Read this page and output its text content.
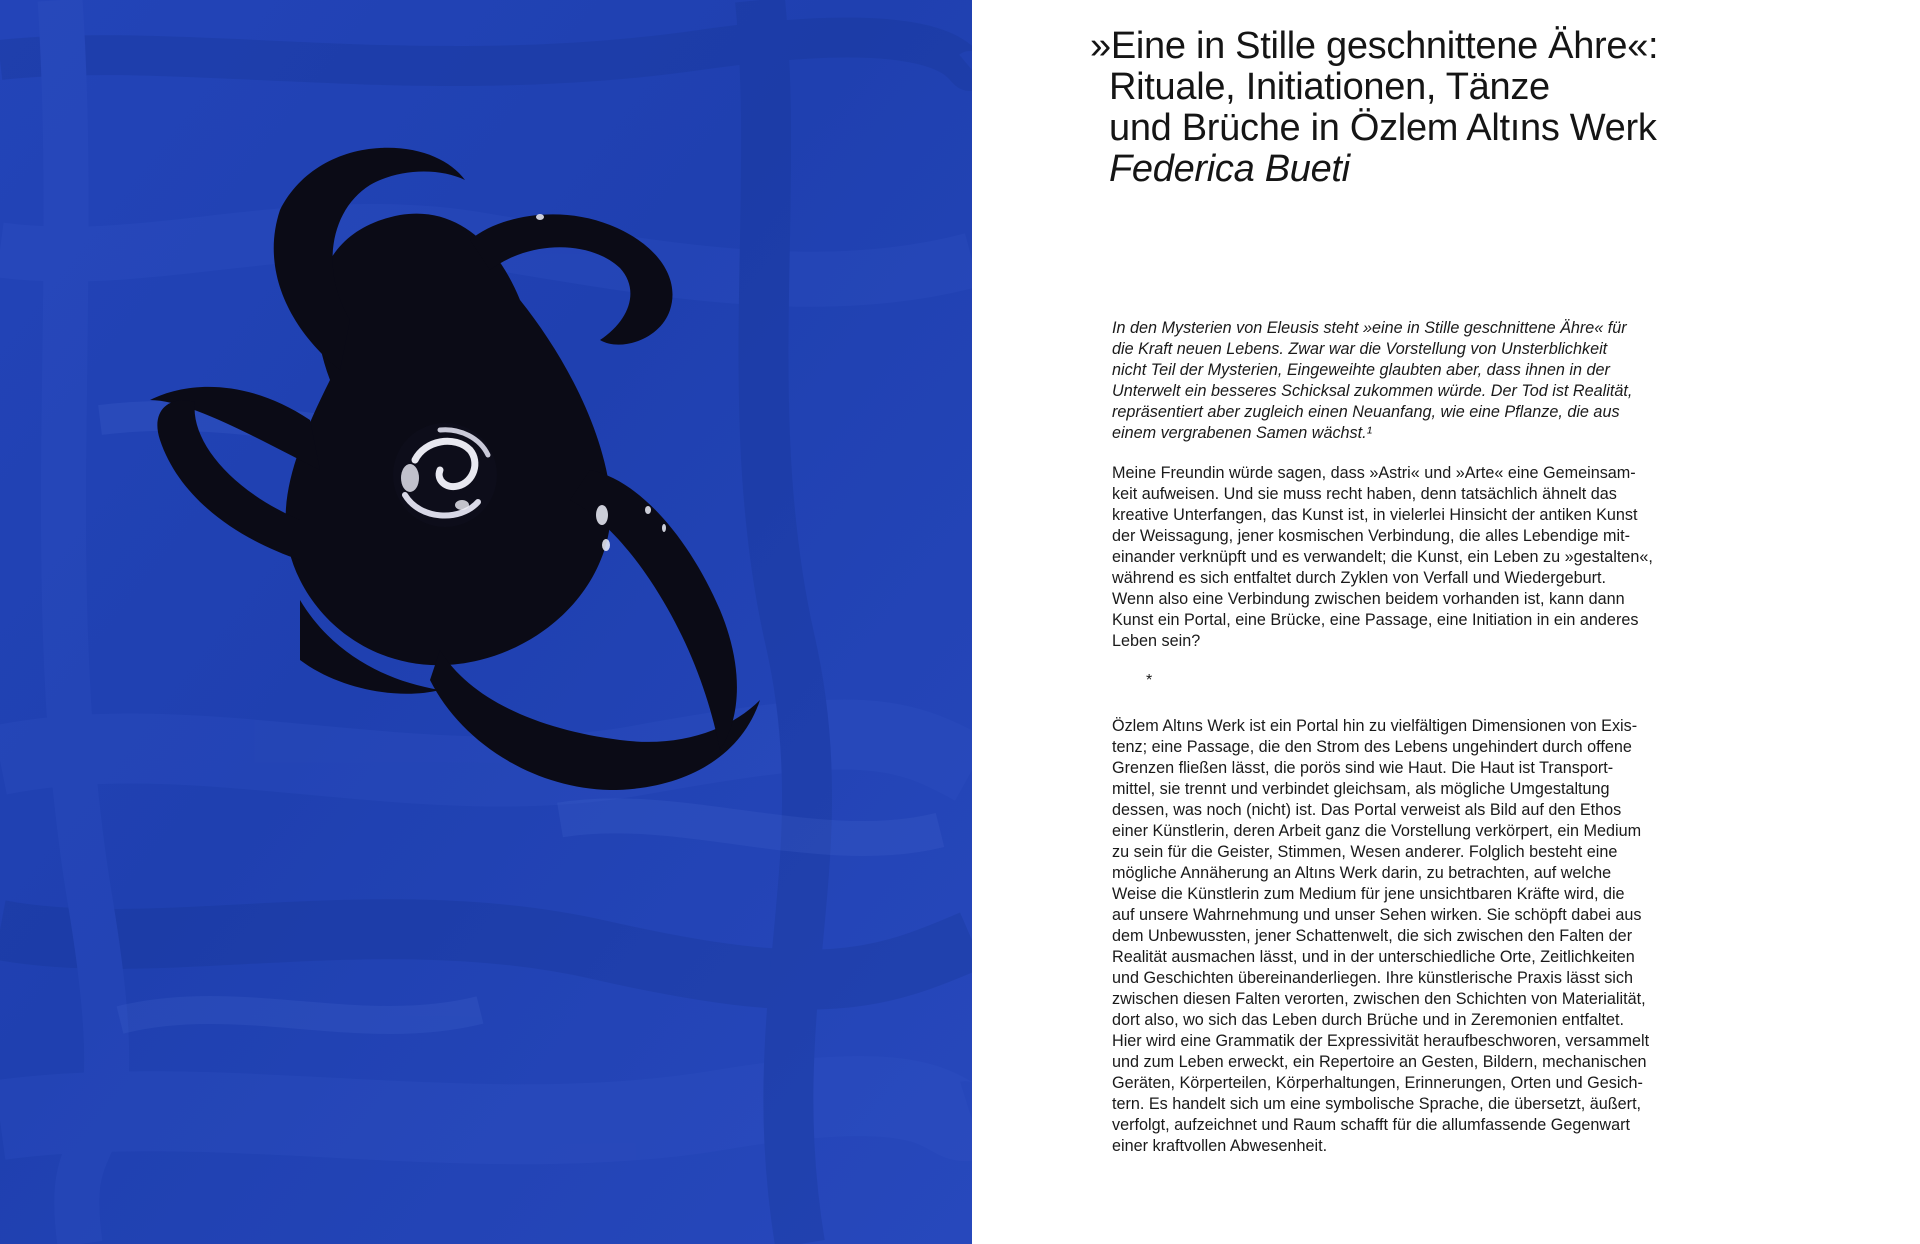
»Eine in Stille geschnittene Ähre«:
Rituale, Initiationen, Tänze
und Brüche in Özlem Altıns Werk
Federica Bueti
In den Mysterien von Eleusis steht »eine in Stille geschnittene Ähre« für
die Kraft neuen Lebens. Zwar war die Vorstellung von Unsterblichkeit
nicht Teil der Mysterien, Eingeweihte glaubten aber, dass ihnen in der
Unterwelt ein besseres Schicksal zukommen würde. Der Tod ist Realität,
repräsentiert aber zugleich einen Neuanfang, wie eine Pflanze, die aus
einem vergrabenen Samen wächst.¹
Meine Freundin würde sagen, dass »Astri« und »Arte« eine Gemeinsam-
keit aufweisen. Und sie muss recht haben, denn tatsächlich ähnelt das
kreative Unterfangen, das Kunst ist, in vielerlei Hinsicht der antiken Kunst
der Weissagung, jener kosmischen Verbindung, die alles Lebendige mit-
einander verknüpft und es verwandelt; die Kunst, ein Leben zu »gestalten«,
während es sich entfaltet durch Zyklen von Verfall und Wiedergeburt.
Wenn also eine Verbindung zwischen beidem vorhanden ist, kann dann
Kunst ein Portal, eine Brücke, eine Passage, eine Initiation in ein anderes
Leben sein?
*
Özlem Altıns Werk ist ein Portal hin zu vielfältigen Dimensionen von Exis-
tenz; eine Passage, die den Strom des Lebens ungehindert durch offene
Grenzen fließen lässt, die porös sind wie Haut. Die Haut ist Transport-
mittel, sie trennt und verbindet gleichsam, als mögliche Umgestaltung
dessen, was noch (nicht) ist. Das Portal verweist als Bild auf den Ethos
einer Künstlerin, deren Arbeit ganz die Vorstellung verkörpert, ein Medium
zu sein für die Geister, Stimmen, Wesen anderer. Folglich besteht eine
mögliche Annäherung an Altıns Werk darin, zu betrachten, auf welche
Weise die Künstlerin zum Medium für jene unsichtbaren Kräfte wird, die
auf unsere Wahrnehmung und unser Sehen wirken. Sie schöpft dabei aus
dem Unbewussten, jener Schattenwelt, die sich zwischen den Falten der
Realität ausmachen lässt, und in der unterschiedliche Orte, Zeitlichkeiten
und Geschichten übereinanderliegen. Ihre künstlerische Praxis lässt sich
zwischen diesen Falten verorten, zwischen den Schichten von Materialität,
dort also, wo sich das Leben durch Brüche und in Zeremonien entfaltet.
Hier wird eine Grammatik der Expressivität heraufbeschworen, versammelt
und zum Leben erweckt, ein Repertoire an Gesten, Bildern, mechanischen
Geräten, Körperteilen, Körperhaltungen, Erinnerungen, Orten und Gesich-
tern. Es handelt sich um eine symbolische Sprache, die übersetzt, äußert,
verfolgt, aufzeichnet und Raum schafft für die allumfassende Gegenwart
einer kraftvollen Abwesenheit.
